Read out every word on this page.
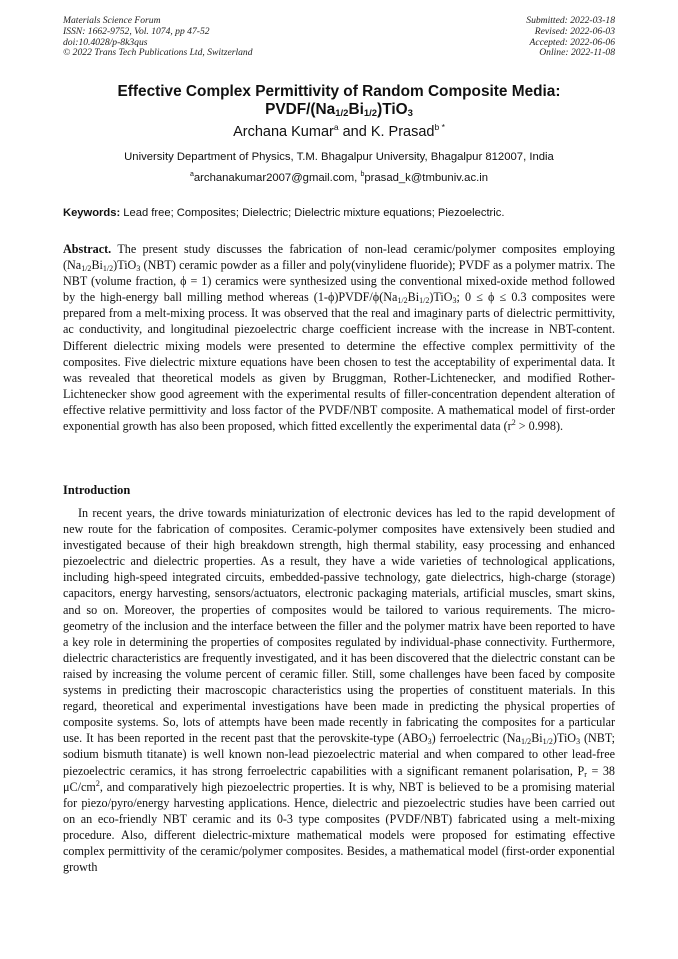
Materials Science Forum
ISSN: 1662-9752, Vol. 1074, pp 47-52
doi:10.4028/p-8k3qus
© 2022 Trans Tech Publications Ltd, Switzerland
Submitted: 2022-03-18
Revised: 2022-06-03
Accepted: 2022-06-06
Online: 2022-11-08
Effective Complex Permittivity of Random Composite Media:
PVDF/$(Na_{1/2}Bi_{1/2})TiO_3$
Archana Kumar$^a$ and K. Prasad$^{b *}$
University Department of Physics, T.M. Bhagalpur University, Bhagalpur 812007, India
$^a$archanakumar2007@gmail.com, $^b$prasad_k@tmbuniv.ac.in
Keywords: Lead free; Composites; Dielectric; Dielectric mixture equations; Piezoelectric.
Abstract. The present study discusses the fabrication of non-lead ceramic/polymer composites employing $(Na_{1/2}Bi_{1/2})TiO_3$ (NBT) ceramic powder as a filler and poly(vinylidene fluoride); PVDF as a polymer matrix. The NBT (volume fraction, ϕ = 1) ceramics were synthesized using the conventional mixed-oxide method followed by the high-energy ball milling method whereas $(1-\phi)PVDF/\phi(Na_{1/2}Bi_{1/2})TiO_3$; 0 ≤ ϕ ≤ 0.3 composites were prepared from a melt-mixing process. It was observed that the real and imaginary parts of dielectric permittivity, ac conductivity, and longitudinal piezoelectric charge coefficient increase with the increase in NBT-content. Different dielectric mixing models were presented to determine the effective complex permittivity of the composites. Five dielectric mixture equations have been chosen to test the acceptability of experimental data. It was revealed that theoretical models as given by Bruggman, Rother-Lichtenecker, and modified Rother-Lichtenecker show good agreement with the experimental results of filler-concentration dependent alteration of effective relative permittivity and loss factor of the PVDF/NBT composite. A mathematical model of first-order exponential growth has also been proposed, which fitted excellently the experimental data $(r^2 > 0.998)$.
Introduction
In recent years, the drive towards miniaturization of electronic devices has led to the rapid development of new route for the fabrication of composites. Ceramic-polymer composites have extensively been studied and investigated because of their high breakdown strength, high thermal stability, easy processing and enhanced piezoelectric and dielectric properties. As a result, they have a wide varieties of technological applications, including high-speed integrated circuits, embedded-passive technology, gate dielectrics, high-charge (storage) capacitors, energy harvesting, sensors/actuators, electronic packaging materials, artificial muscles, smart skins, and so on. Moreover, the properties of composites would be tailored to various requirements. The micro-geometry of the inclusion and the interface between the filler and the polymer matrix have been reported to have a key role in determining the properties of composites regulated by individual-phase connectivity. Furthermore, dielectric characteristics are frequently investigated, and it has been discovered that the dielectric constant can be raised by increasing the volume percent of ceramic filler. Still, some challenges have been faced by composite systems in predicting their macroscopic characteristics using the properties of constituent materials. In this regard, theoretical and experimental investigations have been made in predicting the physical properties of composite systems. So, lots of attempts have been made recently in fabricating the composites for a particular use. It has been reported in the recent past that the perovskite-type $(ABO_3)$ ferroelectric $(Na_{1/2}Bi_{1/2})TiO_3$ (NBT; sodium bismuth titanate) is well known non-lead piezoelectric material and when compared to other lead-free piezoelectric ceramics, it has strong ferroelectric capabilities with a significant remanent polarisation, $P_r = 38$ $\mu C/cm^2$, and comparatively high piezoelectric properties. It is why, NBT is believed to be a promising material for piezo/pyro/energy harvesting applications. Hence, dielectric and piezoelectric studies have been carried out on an eco-friendly NBT ceramic and its 0-3 type composites (PVDF/NBT) fabricated using a melt-mixing procedure. Also, different dielectric-mixture mathematical models were proposed for estimating effective complex permittivity of the ceramic/polymer composites. Besides, a mathematical model (first-order exponential growth
